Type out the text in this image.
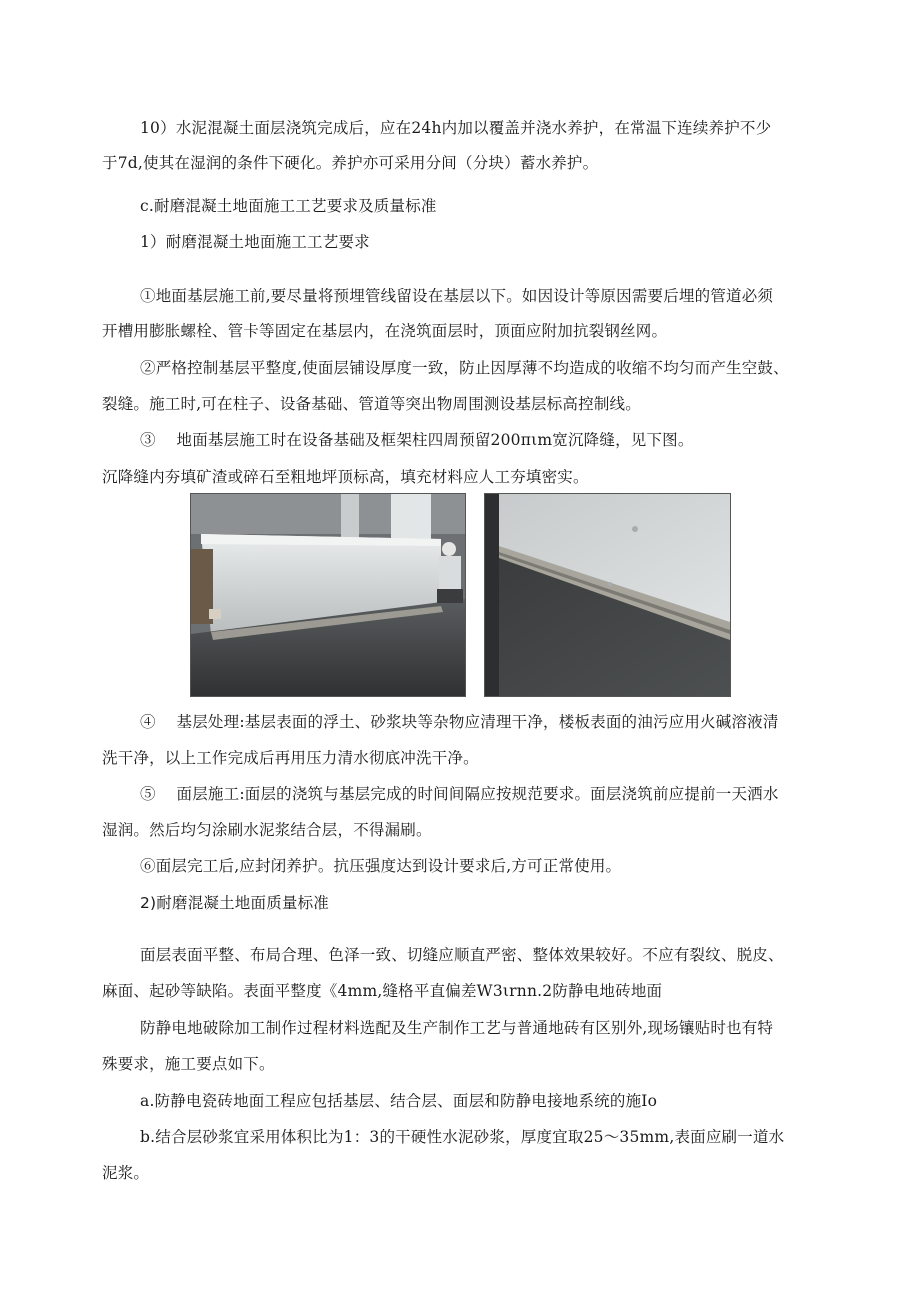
10）水泥混凝土面层浇筑完成后，应在24h内加以覆盖并浇水养护，在常温下连续养护不少
于7d,使其在湿润的条件下硬化。养护亦可采用分间（分块）蓄水养护。
c.耐磨混凝土地面施工工艺要求及质量标准
1）耐磨混凝土地面施工工艺要求
①地面基层施工前,要尽量将预埋管线留设在基层以下。如因设计等原因需要后埋的管道必须
开槽用膨胀螺栓、管卡等固定在基层内，在浇筑面层时，顶面应附加抗裂钢丝网。
②严格控制基层平整度,使面层铺设厚度一致，防止因厚薄不均造成的收缩不均匀而产生空鼓、
裂缝。施工时,可在柱子、设备基础、管道等突出物周围测设基层标高控制线。
③　 地面基层施工时在设备基础及框架柱四周预留200πιm宽沉降缝，见下图。
沉降缝内夯填矿渣或碎石至粗地坪顶标高，填充材料应人工夯填密实。
④　 基层处理:基层表面的浮土、砂浆块等杂物应清理干净，楼板表面的油污应用火碱溶液清
洗干净，以上工作完成后再用压力清水彻底冲洗干净。
⑤　 面层施工:面层的浇筑与基层完成的时间间隔应按规范要求。面层浇筑前应提前一天洒水
湿润。然后均匀涂刷水泥浆结合层，不得漏刷。
⑥面层完工后,应封闭养护。抗压强度达到设计要求后,方可正常使用。
2)耐磨混凝土地面质量标准
面层表面平整、布局合理、色泽一致、切缝应顺直严密、整体效果较好。不应有裂纹、脱皮、
麻面、起砂等缺陷。表面平整度《4mm,缝格平直偏差W3ιrnn.2防静电地砖地面
防静电地破除加工制作过程材料选配及生产制作工艺与普通地砖有区别外,现场镶贴时也有特
殊要求，施工要点如下。
a.防静电瓷砖地面工程应包括基层、结合层、面层和防静电接地系统的施Io
b.结合层砂浆宜采用体积比为1：3的干硬性水泥砂浆，厚度宜取25～35mm,表面应刷一道水
泥浆。
